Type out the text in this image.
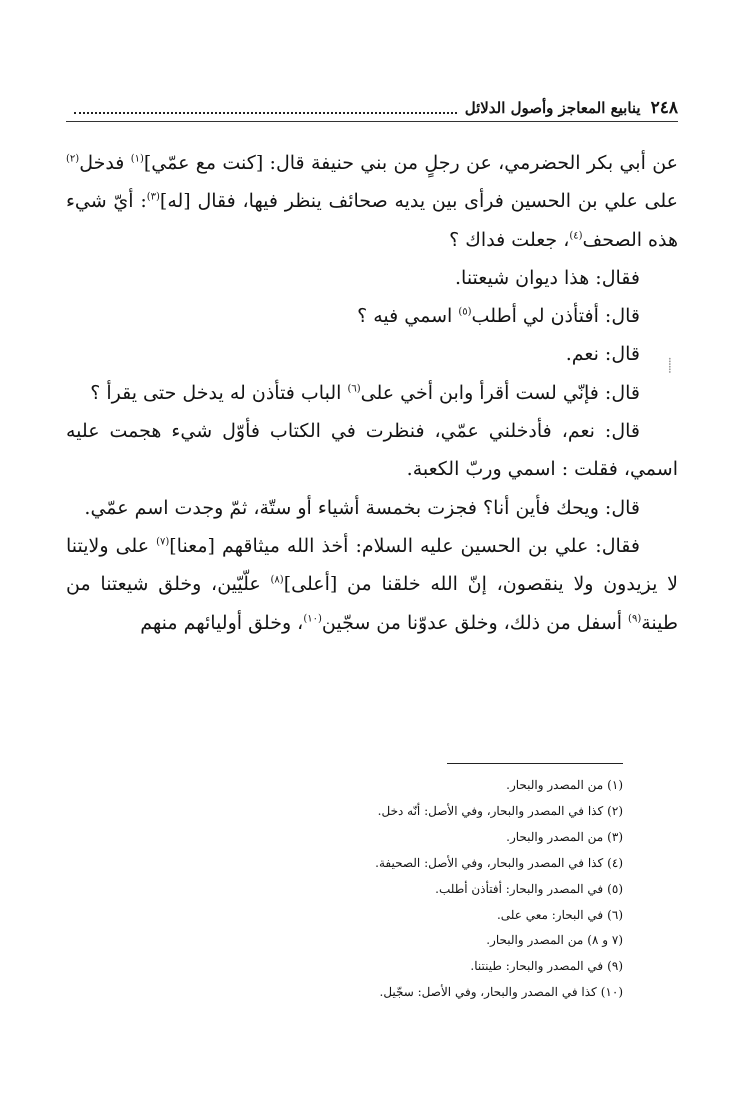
٢٤٨
ينابيع المعاجز وأصول الدلائل
⸽

عن أبي بكر الحضرمي، عن رجلٍ من بني حنيفة قال: [كنت مع عمّي]$^{(١)}$ فدخل$^{(٢)}$ على علي بن الحسين فرأى بين يديه صحائف ينظر فيها، فقال [له]$^{(٣)}$: أيّ شيء هذه الصحف$^{(٤)}$، جعلت فداك ؟

فقال: هذا ديوان شيعتنا.

قال: أفتأذن لي أطلب$^{(٥)}$ اسمي فيه ؟

قال: نعم.

قال: فإنّي لست أقرأ وابن أخي على$^{(٦)}$ الباب فتأذن له يدخل حتى يقرأ ؟

قال: نعم، فأدخلني عمّي، فنظرت في الكتاب فأوّل شيء هجمت عليه اسمي، فقلت : اسمي وربّ الكعبة.

قال: ويحك فأين أنا؟ فجزت بخمسة أشياء أو ستّة، ثمّ وجدت اسم عمّي.

فقال: علي بن الحسين عليه السلام: أخذ الله ميثاقهم [معنا]$^{(٧)}$ على ولايتنا لا يزيدون ولا ينقصون، إنّ الله خلقنا من [أعلى]$^{(٨)}$ علّيّين، وخلق شيعتنا من طينة$^{(٩)}$ أسفل من ذلك، وخلق عدوّنا من سجّين$^{(١٠)}$، وخلق أوليائهم منهم

(١)من المصدر والبحار.
(٢)كذا في المصدر والبحار، وفي الأصل: أنّه دخل.
(٣)من المصدر والبحار.
(٤)كذا في المصدر والبحار، وفي الأصل: الصحيفة.
(٥)في المصدر والبحار: أفتأذن أطلب.
(٦)في البحار: معي على.
(٧ و ٨)من المصدر والبحار.
(٩)في المصدر والبحار: طينتنا.
(١٠)كذا في المصدر والبحار، وفي الأصل: سجّيل.
